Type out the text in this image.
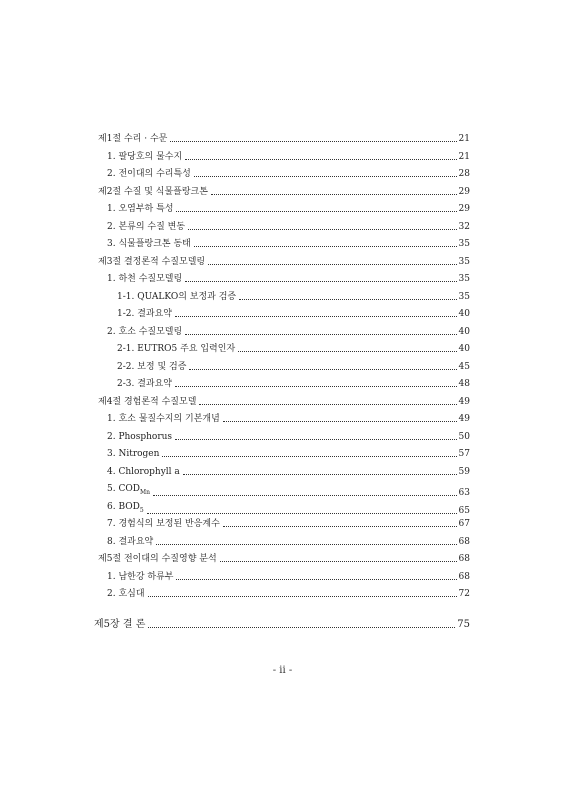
제1절 수리 · 수문	21
1. 팔당호의 물수지	21
2. 전이대의 수리특성	28
제2절 수질 및 식물플랑크톤	29
1. 오염부하 특성	29
2. 본류의 수질 변동	32
3. 식물플랑크톤 동태	35
제3절 결정론적 수질모델링	35
1. 하천 수질모델링	35
1-1. QUALKO의 보정과 검증	35
1-2. 결과요약	40
2. 호소 수질모델링	40
2-1. EUTRO5 주요 입력인자	40
2-2. 보정 및 검증	45
2-3. 결과요약	48
제4절 경험론적 수질모델	49
1. 호소 물질수지의 기본개념	49
2. Phosphorus	50
3. Nitrogen	57
4. Chlorophyll a	59
5. $COD_{Mn}$	63
6. $BOD_5$	65
7. 경험식의 보정된 반응계수	67
8. 결과요약	68
제5절 전이대의 수질영향 분석	68
1. 남한강 하류부	68
2. 호심대	72
제5장 결 론	75
- ii -
